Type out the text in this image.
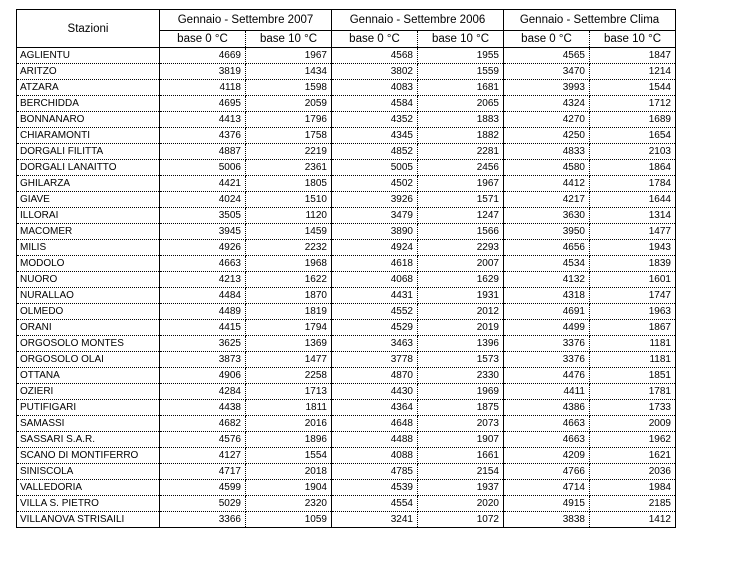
Stazioni	Gennaio - Settembre 2007		Gennaio - Settembre 2006		Gennaio - Settembre Clima	
	base 0 °C	base 10 °C	base 0 °C	base 10 °C	base 0 °C	base 10 °C
AGLIENTU	4669	1967	4568	1955	4565	1847
ARITZO	3819	1434	3802	1559	3470	1214
ATZARA	4118	1598	4083	1681	3993	1544
BERCHIDDA	4695	2059	4584	2065	4324	1712
BONNANARO	4413	1796	4352	1883	4270	1689
CHIARAMONTI	4376	1758	4345	1882	4250	1654
DORGALI FILITTA	4887	2219	4852	2281	4833	2103
DORGALI LANAITTO	5006	2361	5005	2456	4580	1864
GHILARZA	4421	1805	4502	1967	4412	1784
GIAVE	4024	1510	3926	1571	4217	1644
ILLORAI	3505	1120	3479	1247	3630	1314
MACOMER	3945	1459	3890	1566	3950	1477
MILIS	4926	2232	4924	2293	4656	1943
MODOLO	4663	1968	4618	2007	4534	1839
NUORO	4213	1622	4068	1629	4132	1601
NURALLAO	4484	1870	4431	1931	4318	1747
OLMEDO	4489	1819	4552	2012	4691	1963
ORANI	4415	1794	4529	2019	4499	1867
ORGOSOLO MONTES	3625	1369	3463	1396	3376	1181
ORGOSOLO OLAI	3873	1477	3778	1573	3376	1181
OTTANA	4906	2258	4870	2330	4476	1851
OZIERI	4284	1713	4430	1969	4411	1781
PUTIFIGARI	4438	1811	4364	1875	4386	1733
SAMASSI	4682	2016	4648	2073	4663	2009
SASSARI S.A.R.	4576	1896	4488	1907	4663	1962
SCANO DI MONTIFERRO	4127	1554	4088	1661	4209	1621
SINISCOLA	4717	2018	4785	2154	4766	2036
VALLEDORIA	4599	1904	4539	1937	4714	1984
VILLA S. PIETRO	5029	2320	4554	2020	4915	2185
VILLANOVA STRISAILI	3366	1059	3241	1072	3838	1412
